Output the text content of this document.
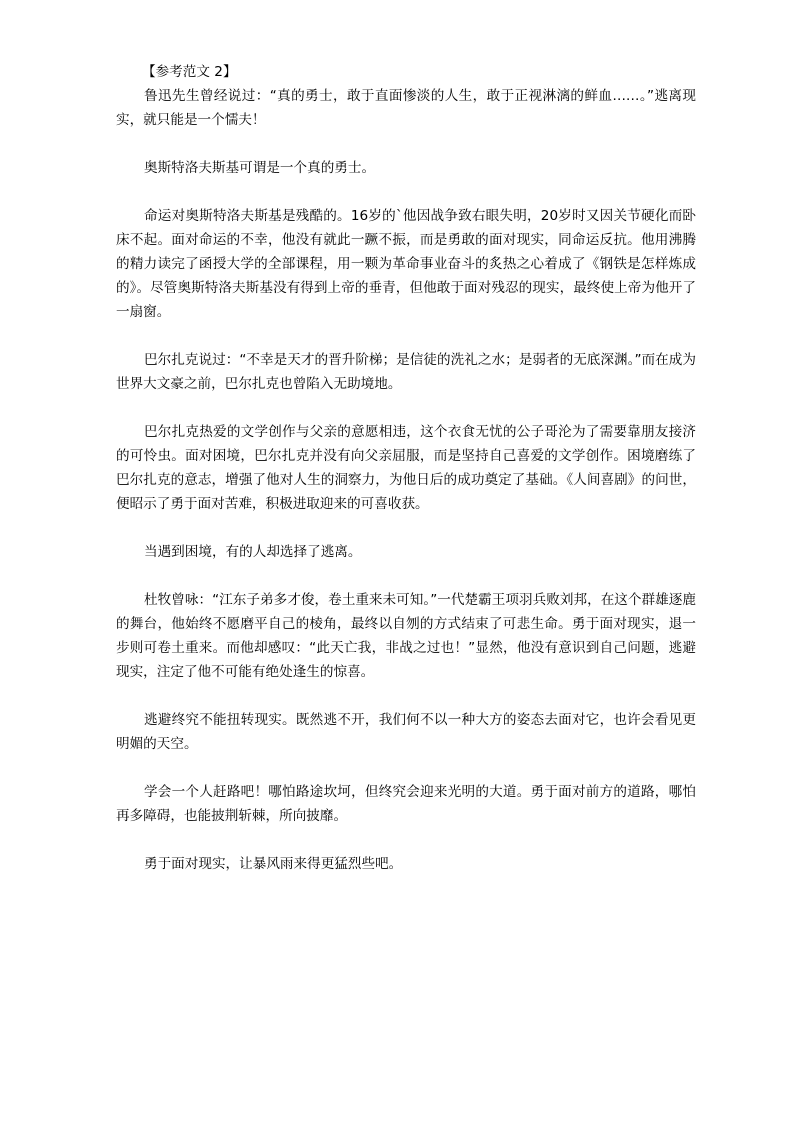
【参考范文 2】

鲁迅先生曾经说过：“真的勇士，敢于直面惨淡的人生，敢于正视淋漓的鲜血……。”逃离现实，就只能是一个懦夫！

奥斯特洛夫斯基可谓是一个真的勇士。

命运对奥斯特洛夫斯基是残酷的。16岁的`他因战争致右眼失明，20岁时又因关节硬化而卧床不起。面对命运的不幸，他没有就此一蹶不振，而是勇敢的面对现实，同命运反抗。他用沸腾的精力读完了函授大学的全部课程，用一颗为革命事业奋斗的炙热之心着成了《钢铁是怎样炼成的》。尽管奥斯特洛夫斯基没有得到上帝的垂青，但他敢于面对残忍的现实，最终使上帝为他开了一扇窗。

巴尔扎克说过：“不幸是天才的晋升阶梯；是信徒的洗礼之水；是弱者的无底深渊。”而在成为世界大文豪之前，巴尔扎克也曾陷入无助境地。

巴尔扎克热爱的文学创作与父亲的意愿相违，这个衣食无忧的公子哥沦为了需要靠朋友接济的可怜虫。面对困境，巴尔扎克并没有向父亲屈服，而是坚持自己喜爱的文学创作。困境磨练了巴尔扎克的意志，增强了他对人生的洞察力，为他日后的成功奠定了基础。《人间喜剧》的问世，便昭示了勇于面对苦难，积极进取迎来的可喜收获。

当遇到困境，有的人却选择了逃离。

杜牧曾咏：“江东子弟多才俊，卷土重来未可知。”一代楚霸王项羽兵败刘邦，在这个群雄逐鹿的舞台，他始终不愿磨平自己的棱角，最终以自刎的方式结束了可悲生命。勇于面对现实，退一步则可卷土重来。而他却感叹：“此天亡我，非战之过也！”显然，他没有意识到自己问题，逃避现实，注定了他不可能有绝处逢生的惊喜。

逃避终究不能扭转现实。既然逃不开，我们何不以一种大方的姿态去面对它，也许会看见更明媚的天空。

学会一个人赶路吧！哪怕路途坎坷，但终究会迎来光明的大道。勇于面对前方的道路，哪怕再多障碍，也能披荆斩棘，所向披靡。

勇于面对现实，让暴风雨来得更猛烈些吧。
